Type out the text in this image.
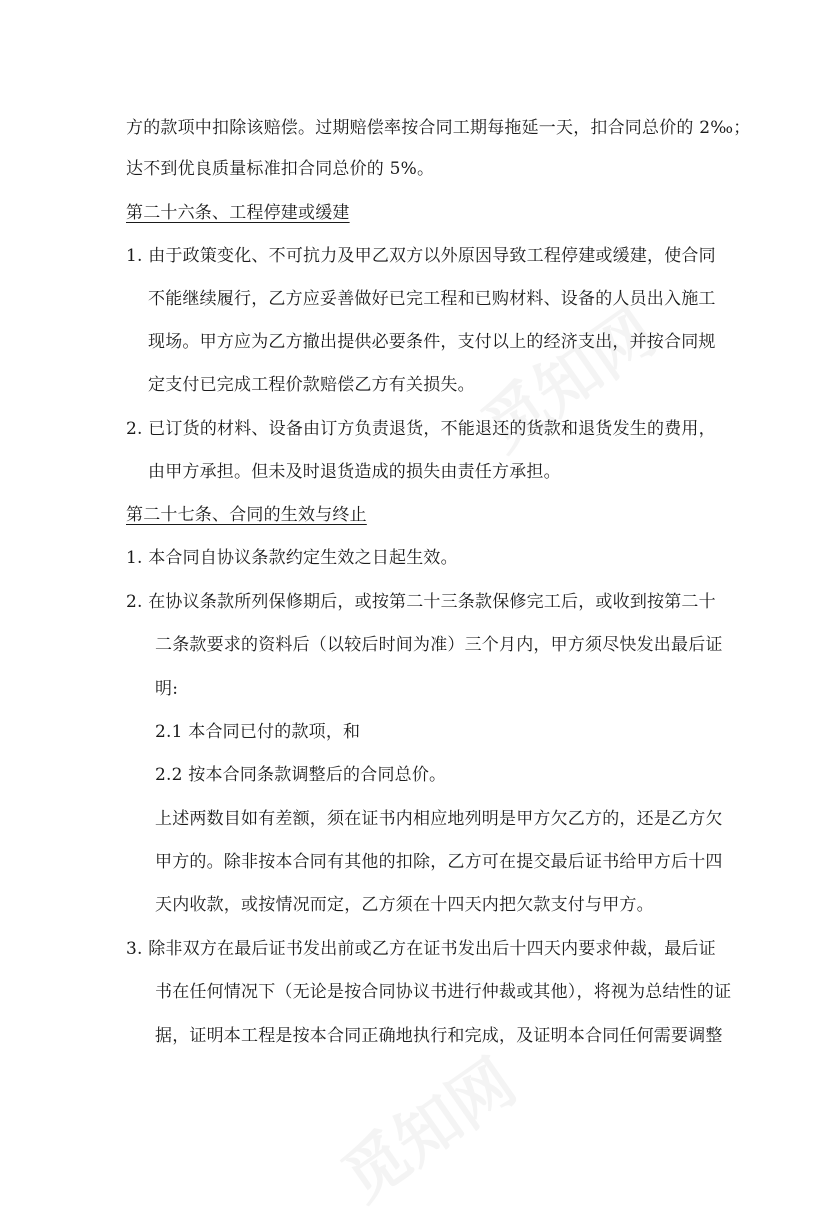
方的款项中扣除该赔偿。过期赔偿率按合同工期每拖延一天，扣合同总价的 2‰；
达不到优良质量标准扣合同总价的 5%。
第二十六条、工程停建或缓建
1. 由于政策变化、不可抗力及甲乙双方以外原因导致工程停建或缓建，使合同
不能继续履行，乙方应妥善做好已完工程和已购材料、设备的人员出入施工
现场。甲方应为乙方撤出提供必要条件，支付以上的经济支出，并按合同规
定支付已完成工程价款赔偿乙方有关损失。
2. 已订货的材料、设备由订方负责退货，不能退还的货款和退货发生的费用，
由甲方承担。但未及时退货造成的损失由责任方承担。
第二十七条、合同的生效与终止
1. 本合同自协议条款约定生效之日起生效。
2. 在协议条款所列保修期后，或按第二十三条款保修完工后，或收到按第二十
二条款要求的资料后（以较后时间为准）三个月内，甲方须尽快发出最后证
明:
2.1 本合同已付的款项，和
2.2 按本合同条款调整后的合同总价。
上述两数目如有差额，须在证书内相应地列明是甲方欠乙方的，还是乙方欠
甲方的。除非按本合同有其他的扣除，乙方可在提交最后证书给甲方后十四
天内收款，或按情况而定，乙方须在十四天内把欠款支付与甲方。
3. 除非双方在最后证书发出前或乙方在证书发出后十四天内要求仲裁，最后证
书在任何情况下（无论是按合同协议书进行仲裁或其他），将视为总结性的证
据，证明本工程是按本合同正确地执行和完成，及证明本合同任何需要调整
